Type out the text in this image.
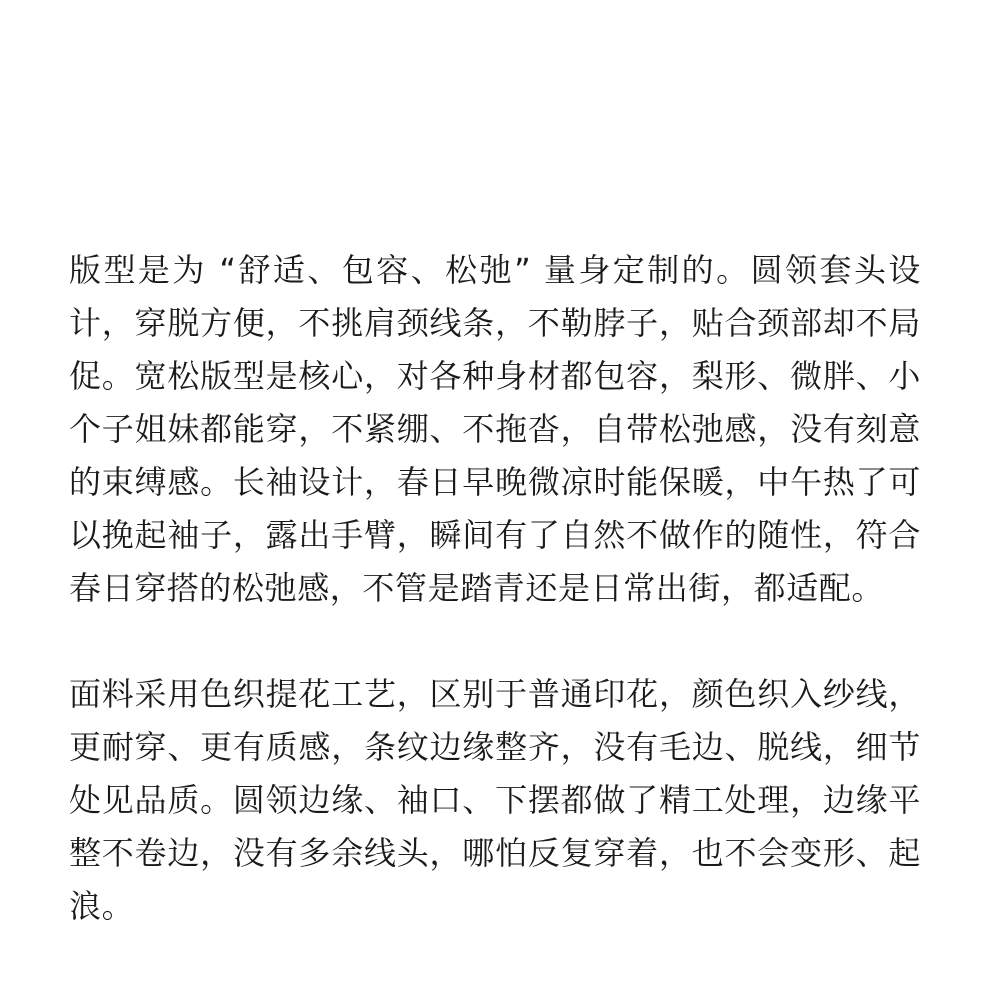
版型是为 “舒适、包容、松弛” 量身定制的。圆领套头设计，穿脱方便，不挑肩颈线条，不勒脖子，贴合颈部却不局促。宽松版型是核心，对各种身材都包容，梨形、微胖、小个子姐妹都能穿，不紧绷、不拖沓，自带松弛感，没有刻意的束缚感。长袖设计，春日早晚微凉时能保暖，中午热了可以挽起袖子，露出手臂，瞬间有了自然不做作的随性，符合春日穿搭的松弛感，不管是踏青还是日常出街，都适配。

面料采用色织提花工艺，区别于普通印花，颜色织入纱线，更耐穿、更有质感，条纹边缘整齐，没有毛边、脱线，细节处见品质。圆领边缘、袖口、下摆都做了精工处理，边缘平整不卷边，没有多余线头，哪怕反复穿着，也不会变形、起浪。
